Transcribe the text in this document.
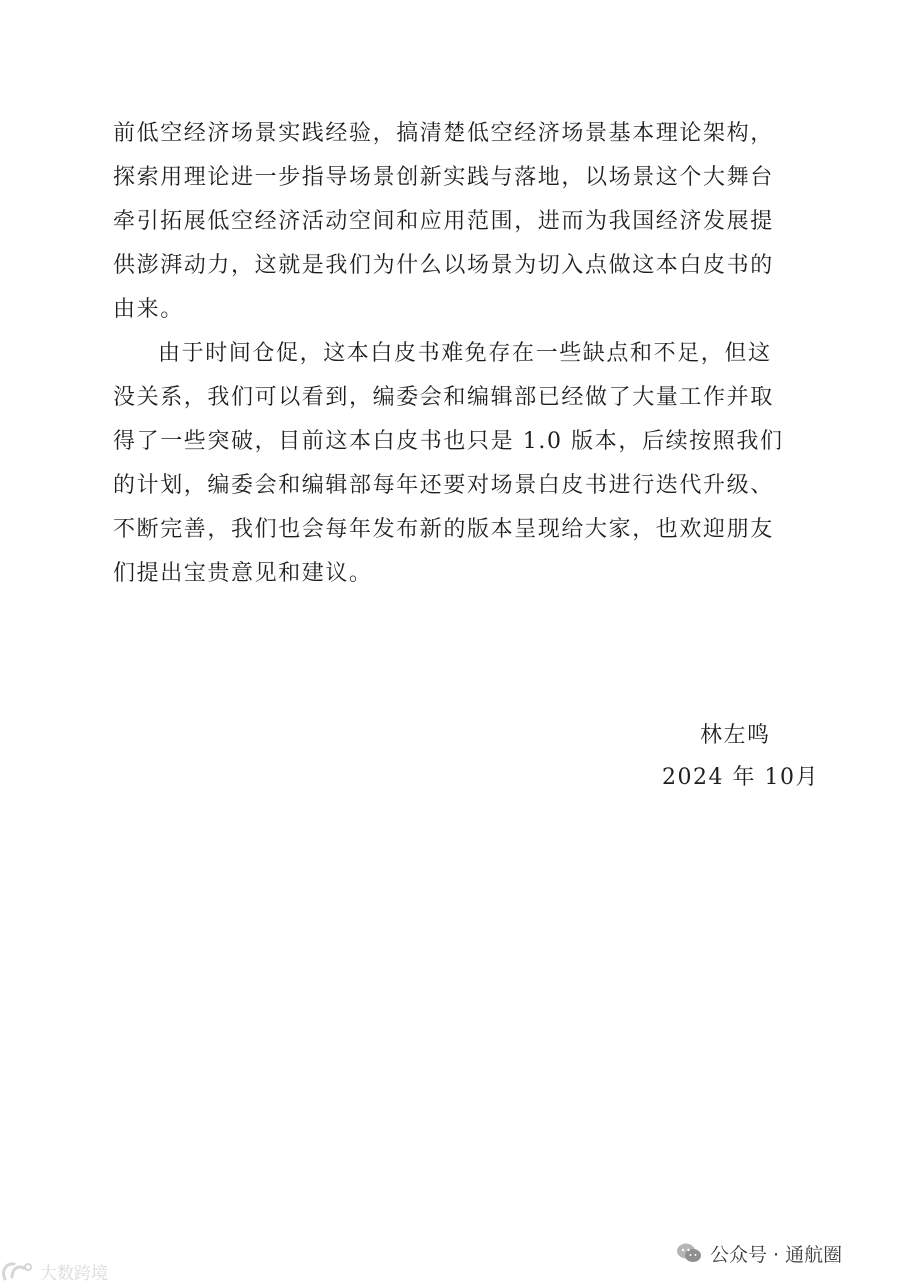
前低空经济场景实践经验，搞清楚低空经济场景基本理论架构，
探索用理论进一步指导场景创新实践与落地，以场景这个大舞台
牵引拓展低空经济活动空间和应用范围，进而为我国经济发展提
供澎湃动力，这就是我们为什么以场景为切入点做这本白皮书的
由来。
由于时间仓促，这本白皮书难免存在一些缺点和不足，但这
没关系，我们可以看到，编委会和编辑部已经做了大量工作并取
得了一些突破，目前这本白皮书也只是 1.0 版本，后续按照我们
的计划，编委会和编辑部每年还要对场景白皮书进行迭代升级、
不断完善，我们也会每年发布新的版本呈现给大家，也欢迎朋友
们提出宝贵意见和建议。
林左鸣
2024 年 10月
公众号 · 通航圈
大数跨境
